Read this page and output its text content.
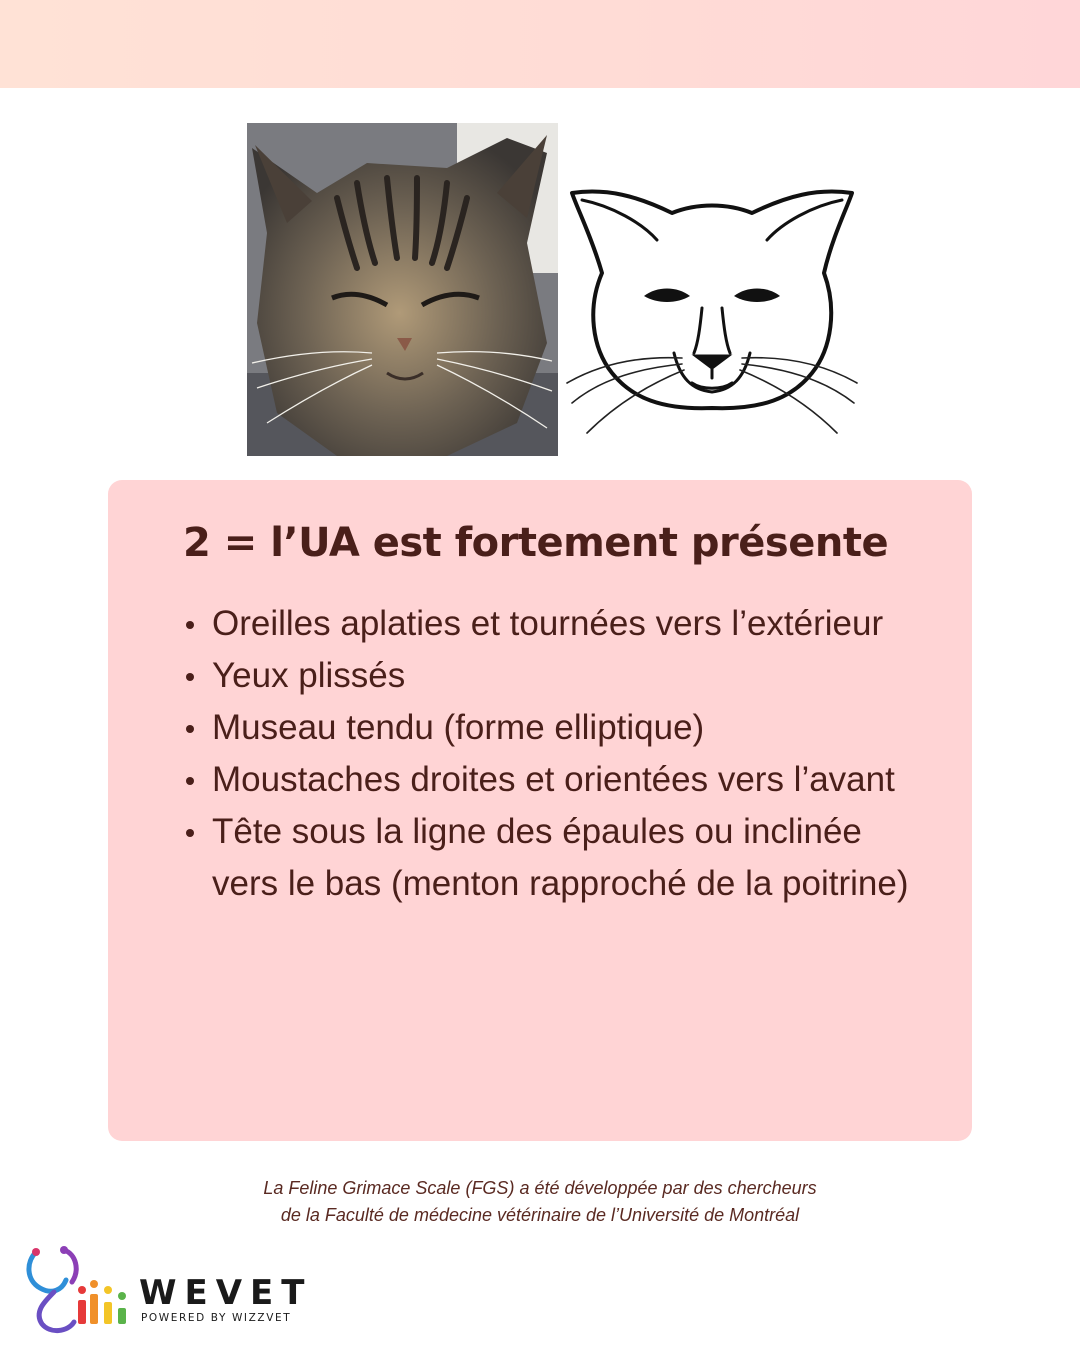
2 = l’UA est fortement présente
Oreilles aplaties et tournées vers l’extérieur
Yeux plissés
Museau tendu (forme elliptique)
Moustaches droites et orientées vers l’avant
Tête sous la ligne des épaules ou inclinée vers le bas (menton rapproché de la poitrine)
La Feline Grimace Scale (FGS) a été développée par des chercheurs
de la Faculté de médecine vétérinaire de l’Université de Montréal
WEVET
POWERED BY WIZZVET
